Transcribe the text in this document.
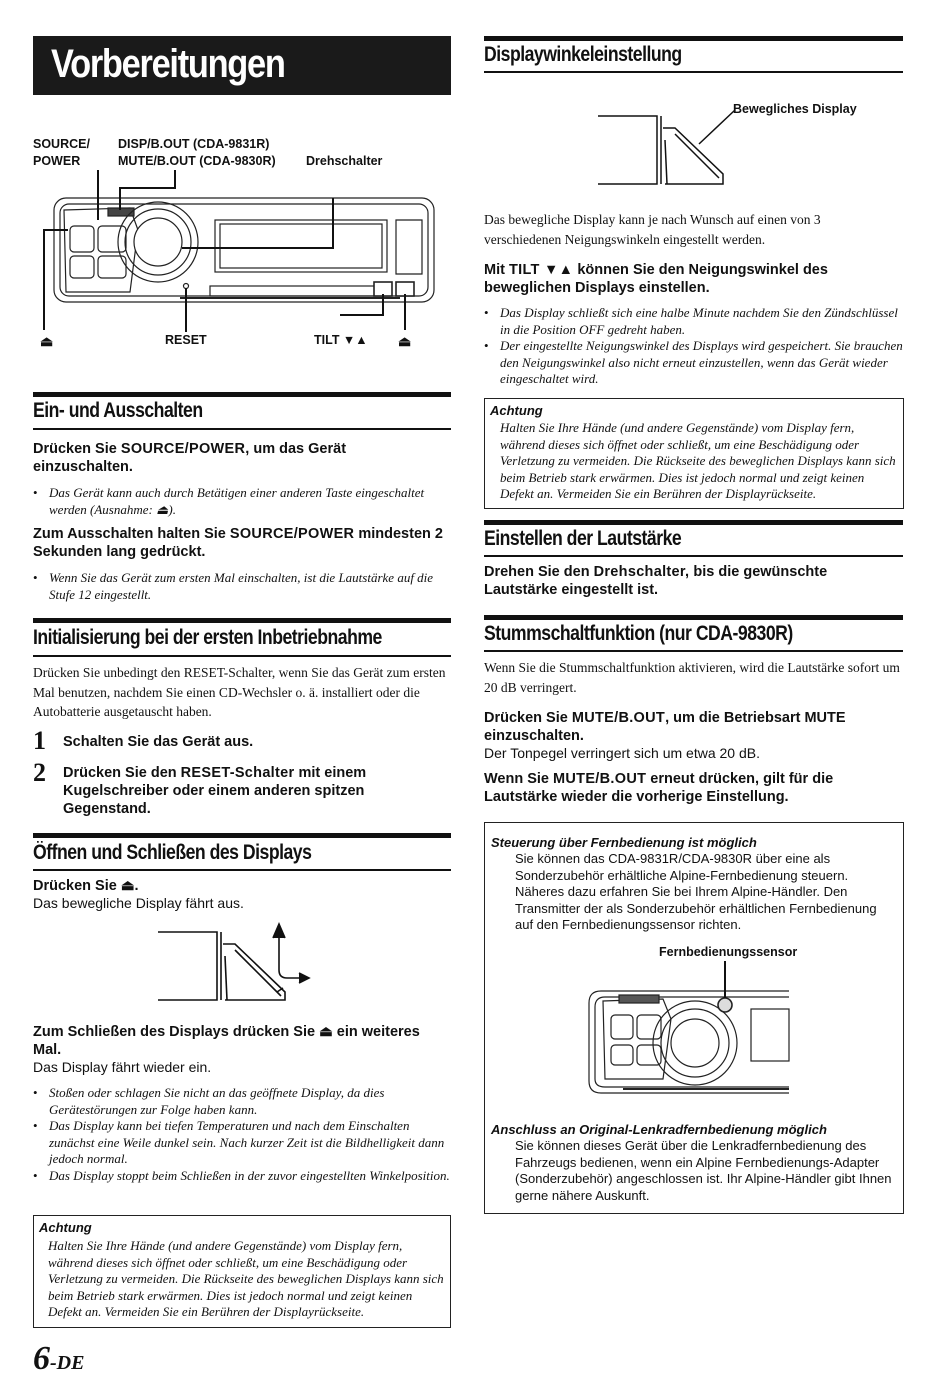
Vorbereitungen
SOURCE/
POWER
DISP/B.OUT (CDA-9831R)
MUTE/B.OUT (CDA-9830R) Drehschalter
RESET	TILT ▼▲
⏏	⏏
Ein- und Ausschalten
Drücken Sie SOURCE/POWER, um das Gerät einzuschalten.
• Das Gerät kann auch durch Betätigen einer anderen Taste eingeschaltet werden (Ausnahme: ⏏).
Zum Ausschalten halten Sie SOURCE/POWER mindesten 2 Sekunden lang gedrückt.
• Wenn Sie das Gerät zum ersten Mal einschalten, ist die Lautstärke auf die Stufe 12 eingestellt.
Initialisierung bei der ersten Inbetriebnahme
Drücken Sie unbedingt den RESET-Schalter, wenn Sie das Gerät zum ersten Mal benutzen, nachdem Sie einen CD-Wechsler o. ä. installiert oder die Autobatterie ausgetauscht haben.
1 Schalten Sie das Gerät aus.
2 Drücken Sie den RESET-Schalter mit einem Kugelschreiber oder einem anderen spitzen Gegenstand.
Öffnen und Schließen des Displays
Drücken Sie ⏏.
Das bewegliche Display fährt aus.
Zum Schließen des Displays drücken Sie ⏏ ein weiteres Mal.
Das Display fährt wieder ein.
• Stoßen oder schlagen Sie nicht an das geöffnete Display, da dies Gerätestörungen zur Folge haben kann.
• Das Display kann bei tiefen Temperaturen und nach dem Einschalten zunächst eine Weile dunkel sein. Nach kurzer Zeit ist die Bildhelligkeit dann jedoch normal.
• Das Display stoppt beim Schließen in der zuvor eingestellten Winkelposition.
Achtung
Halten Sie Ihre Hände (und andere Gegenstände) vom Display fern, während dieses sich öffnet oder schließt, um eine Beschädigung oder Verletzung zu vermeiden. Die Rückseite des beweglichen Displays kann sich beim Betrieb stark erwärmen. Dies ist jedoch normal und zeigt keinen Defekt an. Vermeiden Sie ein Berühren der Displayrückseite.
6-DE
Displaywinkeleinstellung
Bewegliches Display
Das bewegliche Display kann je nach Wunsch auf einen von 3 verschiedenen Neigungswinkeln eingestellt werden.
Mit TILT ▼▲ können Sie den Neigungswinkel des beweglichen Displays einstellen.
• Das Display schließt sich eine halbe Minute nachdem Sie den Zündschlüssel in die Position OFF gedreht haben.
• Der eingestellte Neigungswinkel des Displays wird gespeichert. Sie brauchen den Neigungswinkel also nicht erneut einzustellen, wenn das Gerät wieder eingeschaltet wird.
Achtung
Halten Sie Ihre Hände (und andere Gegenstände) vom Display fern, während dieses sich öffnet oder schließt, um eine Beschädigung oder Verletzung zu vermeiden. Die Rückseite des beweglichen Displays kann sich beim Betrieb stark erwärmen. Dies ist jedoch normal und zeigt keinen Defekt an. Vermeiden Sie ein Berühren der Displayrückseite.
Einstellen der Lautstärke
Drehen Sie den Drehschalter, bis die gewünschte Lautstärke eingestellt ist.
Stummschaltfunktion (nur CDA-9830R)
Wenn Sie die Stummschaltfunktion aktivieren, wird die Lautstärke sofort um 20 dB verringert.
Drücken Sie MUTE/B.OUT, um die Betriebsart MUTE einzuschalten.
Der Tonpegel verringert sich um etwa 20 dB.
Wenn Sie MUTE/B.OUT erneut drücken, gilt für die Lautstärke wieder die vorherige Einstellung.
Steuerung über Fernbedienung ist möglich
Sie können das CDA-9831R/CDA-9830R über eine als Sonderzubehör erhältliche Alpine-Fernbedienung steuern. Näheres dazu erfahren Sie bei Ihrem Alpine-Händler. Den Transmitter der als Sonderzubehör erhältlichen Fernbedienung auf den Fernbedienungssensor richten.
Fernbedienungssensor
Anschluss an Original-Lenkradfernbedienung möglich
Sie können dieses Gerät über die Lenkradfernbedienung des Fahrzeugs bedienen, wenn ein Alpine Fernbedienungs-Adapter (Sonderzubehör) angeschlossen ist. Ihr Alpine-Händler gibt Ihnen gerne nähere Auskunft.
